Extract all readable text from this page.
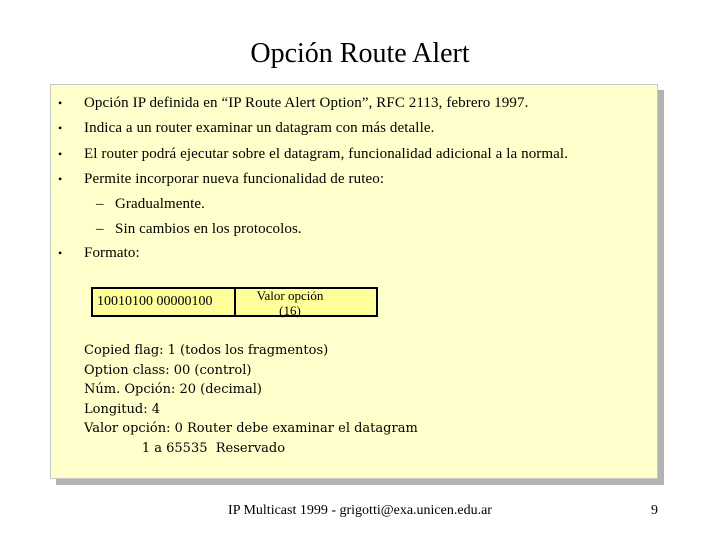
Opción Route Alert
• Opción IP definida en “IP Route Alert Option”, RFC 2113, febrero 1997.
• Indica a un router examinar un datagram con más detalle.
• El router podrá ejecutar sobre el datagram, funcionalidad adicional a la normal.
• Permite incorporar nueva funcionalidad de ruteo:
– Gradualmente.
– Sin cambios en los protocolos.
• Formato:
10010100 00000100	Valor opción
(16)
Copied flag: 1 (todos los fragmentos)
Option class: 00 (control)
Núm. Opción: 20 (decimal)
Longitud: 4
Valor opción: 0 Router debe examinar el datagram
1 a 65535  Reservado
IP Multicast 1999 - grigotti@exa.unicen.edu.ar	9
